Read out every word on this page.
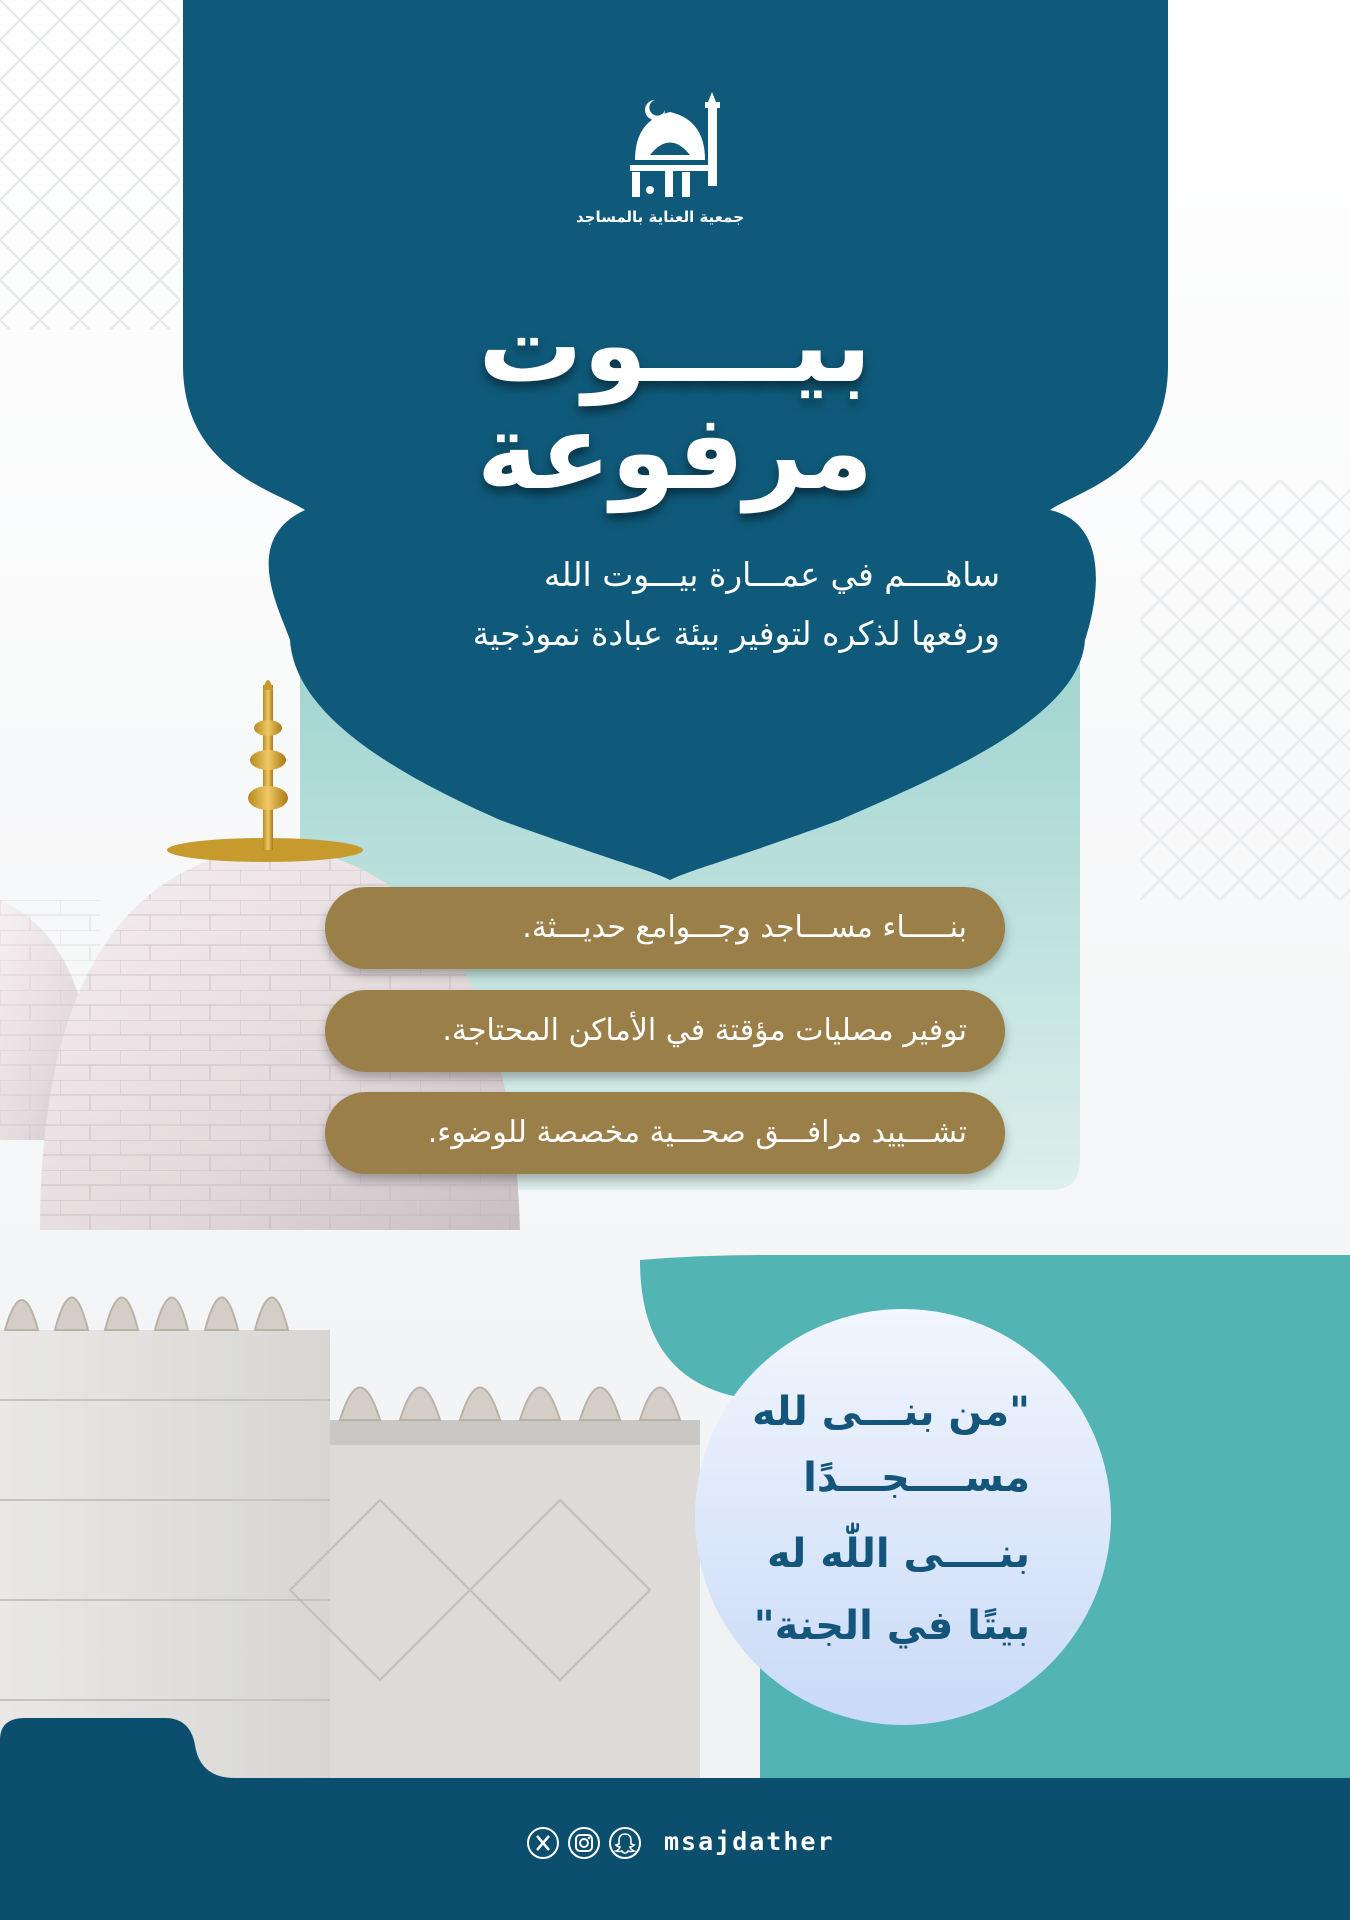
جمعية العناية بالمساجد
بيــــوت
مرفوعة
ساهــــم في عمـــارة بيـــوت الله
ورفعها لذكره لتوفير بيئة عبادة نموذجية
بنـــــاء مســـاجد وجـــوامع حديـــثة.
توفير مصليات مؤقتة في الأماكن المحتاجة.
تشـــييد مرافـــق صحـــية مخصصة للوضوء.
"من بنـــى لله
مســــجـــدًا
بنــــى اللّٰه له
بيتًا في الجنة"
msajdather
